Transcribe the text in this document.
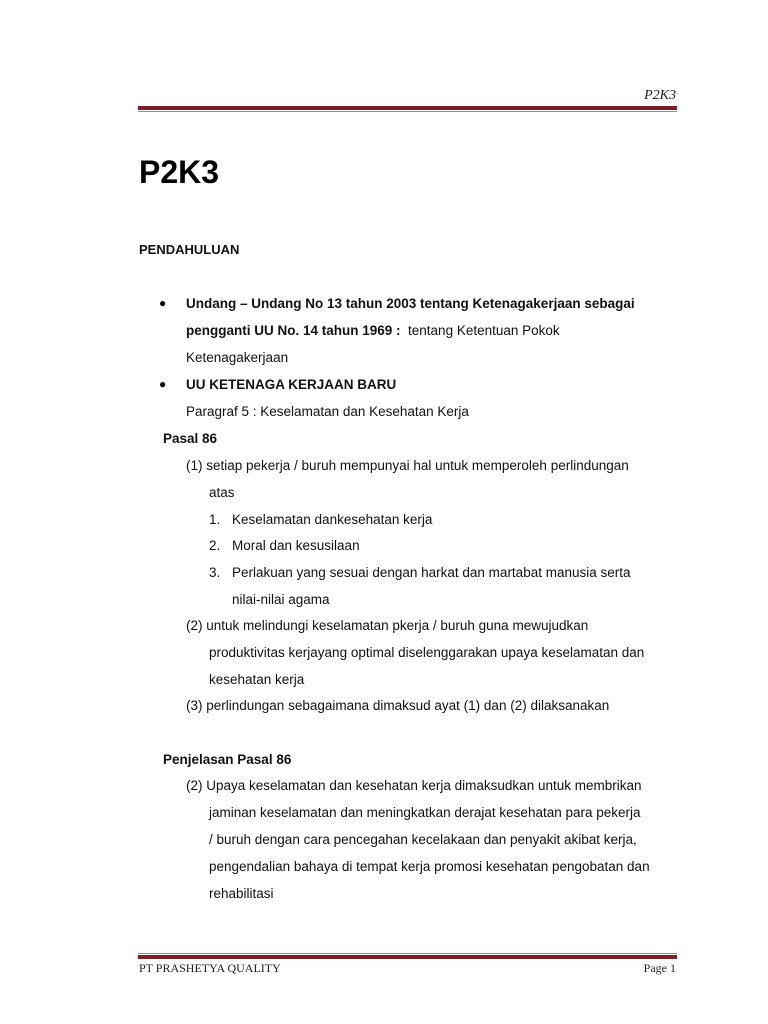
P2K3
P2K3
PENDAHULUAN
● Undang – Undang No 13 tahun 2003 tentang Ketenagakerjaan sebagai
pengganti UU No. 14 tahun 1969 :  tentang Ketentuan Pokok
Ketenagakerjaan
● UU KETENAGA KERJAAN BARU
Paragraf 5 : Keselamatan dan Kesehatan Kerja
Pasal 86
(1) setiap pekerja / buruh mempunyai hal untuk memperoleh perlindungan
atas
1. Keselamatan dankesehatan kerja
2. Moral dan kesusilaan
3. Perlakuan yang sesuai dengan harkat dan martabat manusia serta
nilai-nilai agama
(2) untuk melindungi keselamatan pkerja / buruh guna mewujudkan
produktivitas kerjayang optimal diselenggarakan upaya keselamatan dan
kesehatan kerja
(3) perlindungan sebagaimana dimaksud ayat (1) dan (2) dilaksanakan
Penjelasan Pasal 86
(2) Upaya keselamatan dan kesehatan kerja dimaksudkan untuk membrikan
jaminan keselamatan dan meningkatkan derajat kesehatan para pekerja
/ buruh dengan cara pencegahan kecelakaan dan penyakit akibat kerja,
pengendalian bahaya di tempat kerja promosi kesehatan pengobatan dan
rehabilitasi
PT PRASHETYA QUALITY	Page 1
